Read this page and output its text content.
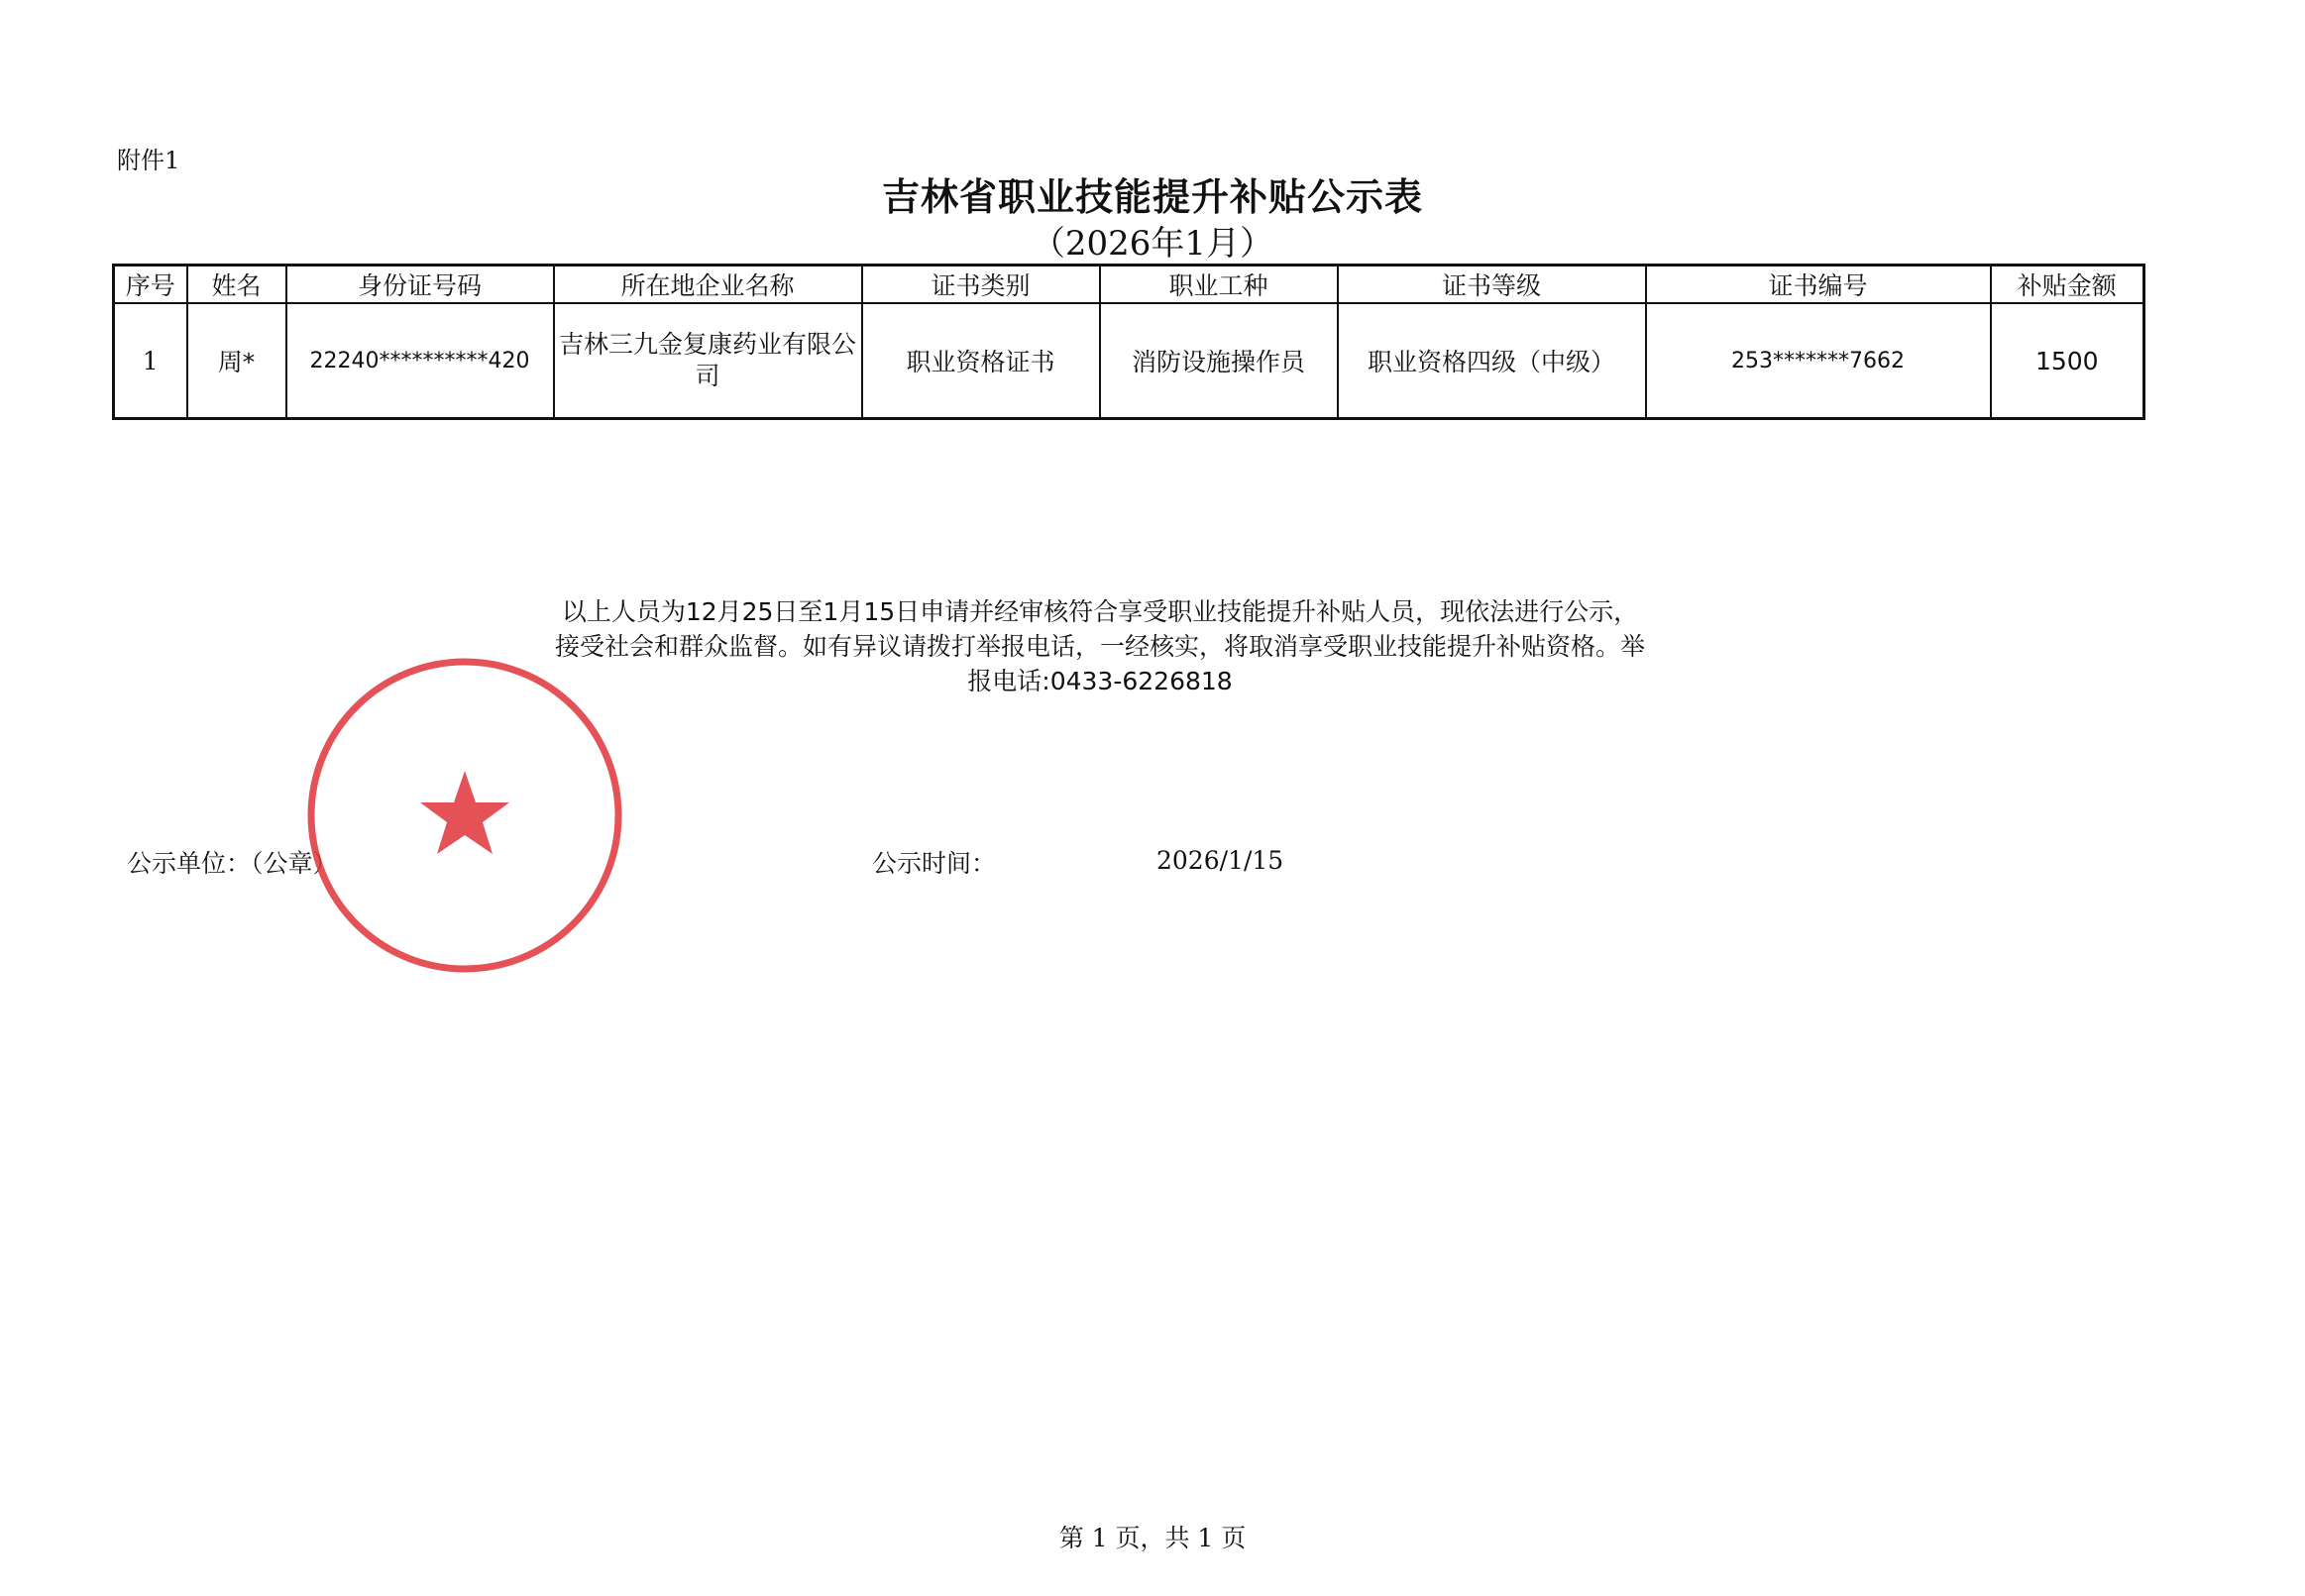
附件1
吉林省职业技能提升补贴公示表
（2026年1月）
序号	姓名	身份证号码	所在地企业名称	证书类别	职业工种	证书等级	证书编号	补贴金额
1	周*	22240**********420	吉林三九金复康药业有限公司	职业资格证书	消防设施操作员	职业资格四级（中级）	253*******7662	1500
以上人员为12月25日至1月15日申请并经审核符合享受职业技能提升补贴人员，现依法进行公示，接受社会和群众监督。如有异议请拨打举报电话，一经核实，将取消享受职业技能提升补贴资格。举报电话:0433-6226818
公示单位：（公章）	公示时间：	2026/1/15
第 1 页，共 1 页
